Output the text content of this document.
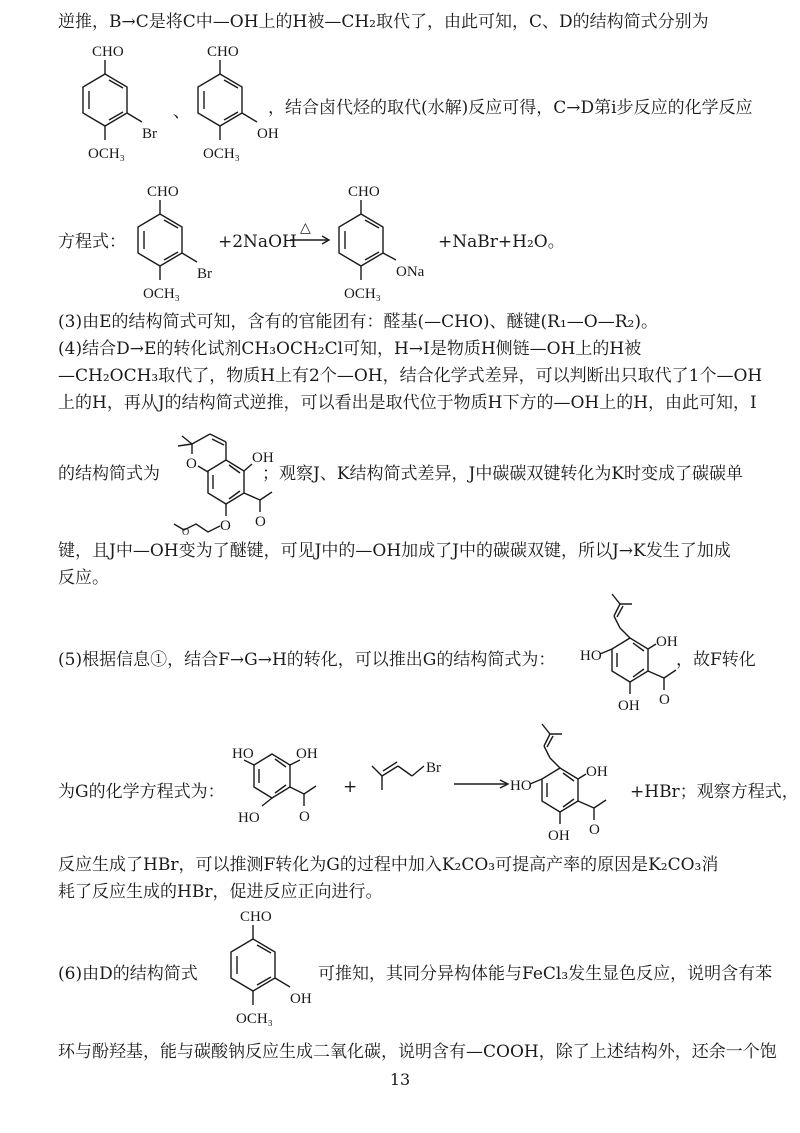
逆推，B→C是将C中—OH上的H被—CH₂取代了，由此可知，C、D的结构简式分别为
CHO
Br
OCH₃
、
CHO
OH
OCH₃
，结合卤代烃的取代(水解)反应可得，C→D第ⅰ步反应的化学反应
方程式：
CHO
Br
OCH₃
+2NaOH
△
CHO
ONa
OCH₃
+NaBr+H₂O。
(3)由E的结构简式可知，含有的官能团有：醛基(—CHO)、醚键(R₁—O—R₂)。
(4)结合D→E的转化试剂CH₃OCH₂Cl可知，H→I是物质H侧链—OH上的H被
—CH₂OCH₃取代了，物质H上有2个—OH，结合化学式差异，可以判断出只取代了1个—OH
上的H，再从J的结构简式逆推，可以看出是取代位于物质H下方的—OH上的H，由此可知，I
的结构简式为 O	OH
O
O
O
；观察J、K结构简式差异，J中碳碳双键转化为K时变成了碳碳单
键，且J中—OH变为了醚键，可见J中的—OH加成了J中的碳碳双键，所以J→K发生了加成
反应。
(5)根据信息①，结合F→G→H的转化，可以推出G的结构简式为： HO
OH
OH O
，故F转化
为G的化学方程式为：
HO	OH
HO	O
+
Br
HO
OH
OH O
+HBr；观察方程式，
反应生成了HBr，可以推测F转化为G的过程中加入K₂CO₃可提高产率的原因是K₂CO₃消
耗了反应生成的HBr，促进反应正向进行。
(6)由D的结构简式
CHO
OH
OCH₃
可推知，其同分异构体能与FeCl₃发生显色反应，说明含有苯
环与酚羟基，能与碳酸钠反应生成二氧化碳，说明含有—COOH，除了上述结构外，还余一个饱
13
